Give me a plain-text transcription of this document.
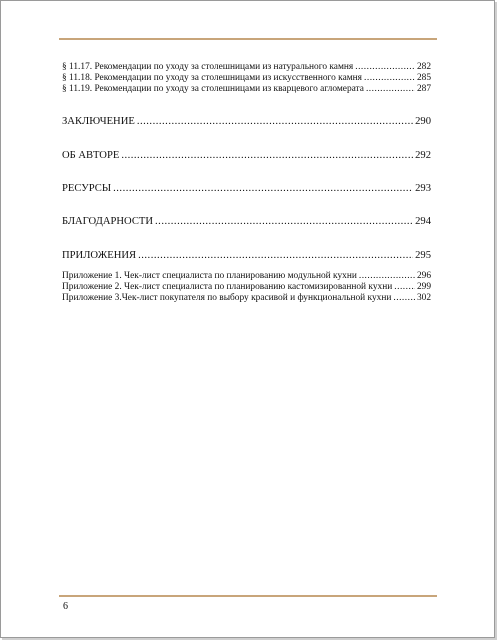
§ 11.17. Рекомендации по уходу за столешницами из натурального камня .....	282
§ 11.18. Рекомендации по уходу за столешницами из искусственного камня .....	285
§ 11.19. Рекомендации по уходу за столешницами из кварцевого агломерата .....	287
ЗАКЛЮЧЕНИЕ .....	290
ОБ АВТОРЕ .....	292
РЕСУРСЫ .....	293
БЛАГОДАРНОСТИ .....	294
ПРИЛОЖЕНИЯ .....	295
Приложение 1. Чек-лист специалиста по планированию модульной кухни .....	296
Приложение 2. Чек-лист специалиста по планированию кастомизированной кухни .....	299
Приложение 3.Чек-лист покупателя по выбору красивой и функциональной кухни .....	302
6
